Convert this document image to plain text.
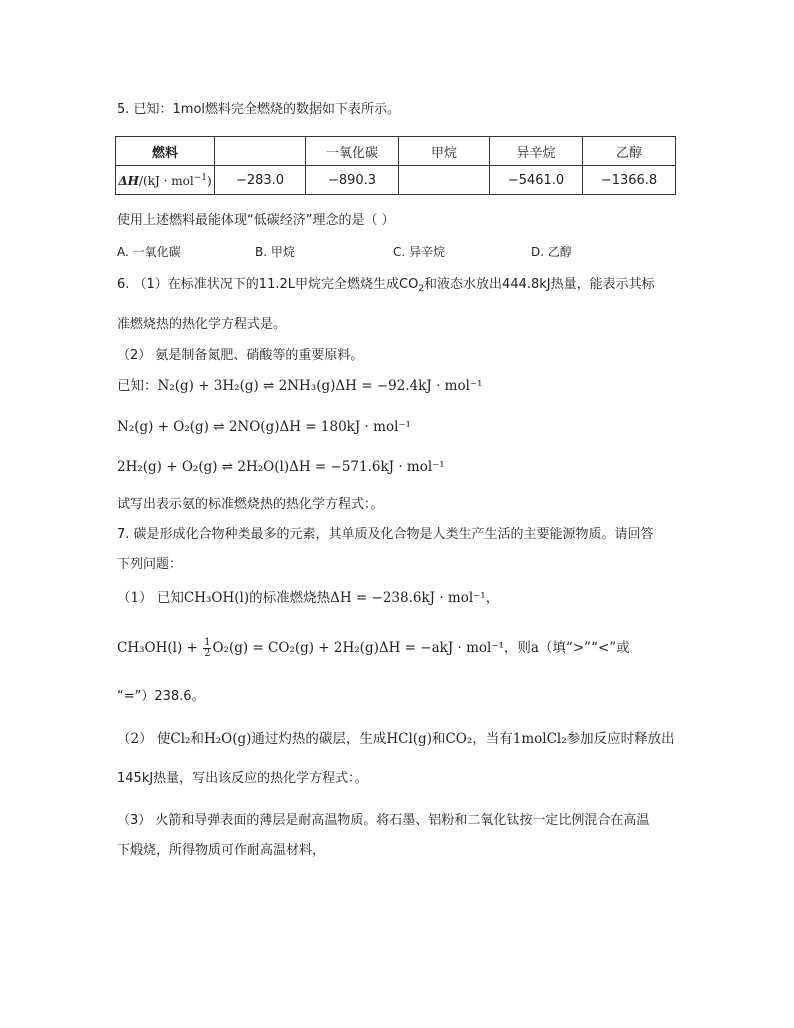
5. 已知：1mol燃料完全燃烧的数据如下表所示。
燃料		一氧化碳	甲烷	异辛烷	乙醇
ΔH/(kJ · mol$^{-1}$)	−283.0	−890.3		−5461.0	−1366.8
使用上述燃料最能体现“低碳经济”理念的是（ ）
A. 一氧化碳	B. 甲烷	C. 异辛烷	D. 乙醇
6. （1）在标准状况下的11.2L甲烷完全燃烧生成$CO_2$和液态水放出444.8kJ热量，能表示其标
准燃烧热的热化学方程式是。
（2） 氨是制备氮肥、硝酸等的重要原料。
已知：N₂(g) + 3H₂(g) ⇌ 2NH₃(g)ΔH = −92.4kJ · mol⁻¹
N₂(g) + O₂(g) ⇌ 2NO(g)ΔH = 180kJ · mol⁻¹
2H₂(g) + O₂(g) ⇌ 2H₂O(l)ΔH = −571.6kJ · mol⁻¹
试写出表示氨的标准燃烧热的热化学方程式：。
7. 碳是形成化合物种类最多的元素，其单质及化合物是人类生产生活的主要能源物质。请回答
下列问题：
（1） 已知CH₃OH(l)的标准燃烧热ΔH = −238.6kJ · mol⁻¹，
$CH_3OH(l) + \frac{1}{2} O_2(g) = CO_2(g) + 2H_2(g)\Delta H = -akJ \cdot mol^{-1}$，则a（填“>”“<”或
“=”）238.6。
（2） 使Cl₂和H₂O(g)通过灼热的碳层，生成HCl(g)和CO₂，当有1molCl₂参加反应时释放出
145kJ热量，写出该反应的热化学方程式：。
（3） 火箭和导弹表面的薄层是耐高温物质。将石墨、铝粉和二氧化钛按一定比例混合在高温
下煅烧，所得物质可作耐高温材料，
